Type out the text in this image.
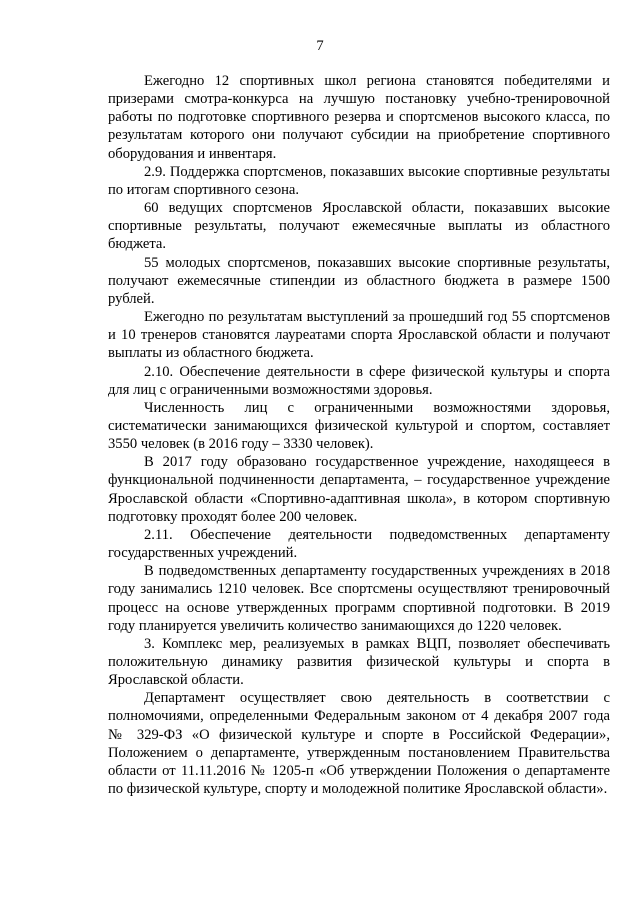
7

Ежегодно 12 спортивных школ региона становятся победителями и призерами смотра-конкурса на лучшую постановку учебно-тренировочной работы по подготовке спортивного резерва и спортсменов высокого класса, по результатам которого они получают субсидии на приобретение спортивного оборудования и инвентаря.

2.9. Поддержка спортсменов, показавших высокие спортивные результаты по итогам спортивного сезона.

60 ведущих спортсменов Ярославской области, показавших высокие спортивные результаты, получают ежемесячные выплаты из областного бюджета.

55 молодых спортсменов, показавших высокие спортивные результаты, получают ежемесячные стипендии из областного бюджета в размере 1500 рублей.

Ежегодно по результатам выступлений за прошедший год 55 спортсменов и 10 тренеров становятся лауреатами спорта Ярославской области и получают выплаты из областного бюджета.

2.10. Обеспечение деятельности в сфере физической культуры и спорта для лиц с ограниченными возможностями здоровья.

Численность лиц с ограниченными возможностями здоровья, систематически занимающихся физической культурой и спортом, составляет 3550 человек (в 2016 году – 3330 человек).

В 2017 году образовано государственное учреждение, находящееся в функциональной подчиненности департамента, – государственное учреждение Ярославской области «Спортивно-адаптивная школа», в котором спортивную подготовку проходят более 200 человек.

2.11. Обеспечение деятельности подведомственных департаменту государственных учреждений.

В подведомственных департаменту государственных учреждениях в 2018 году занимались 1210 человек. Все спортсмены осуществляют тренировочный процесс на основе утвержденных программ спортивной подготовки. В 2019 году планируется увеличить количество занимающихся до 1220 человек.

3. Комплекс мер, реализуемых в рамках ВЦП, позволяет обеспечивать положительную динамику развития физической культуры и спорта в Ярославской области.

Департамент осуществляет свою деятельность в соответствии с полномочиями, определенными Федеральным законом от 4 декабря 2007 года № 329-ФЗ «О физической культуре и спорте в Российской Федерации», Положением о департаменте, утвержденным постановлением Правительства области от 11.11.2016 № 1205-п «Об утверждении Положения о департаменте по физической культуре, спорту и молодежной политике Ярославской области».
